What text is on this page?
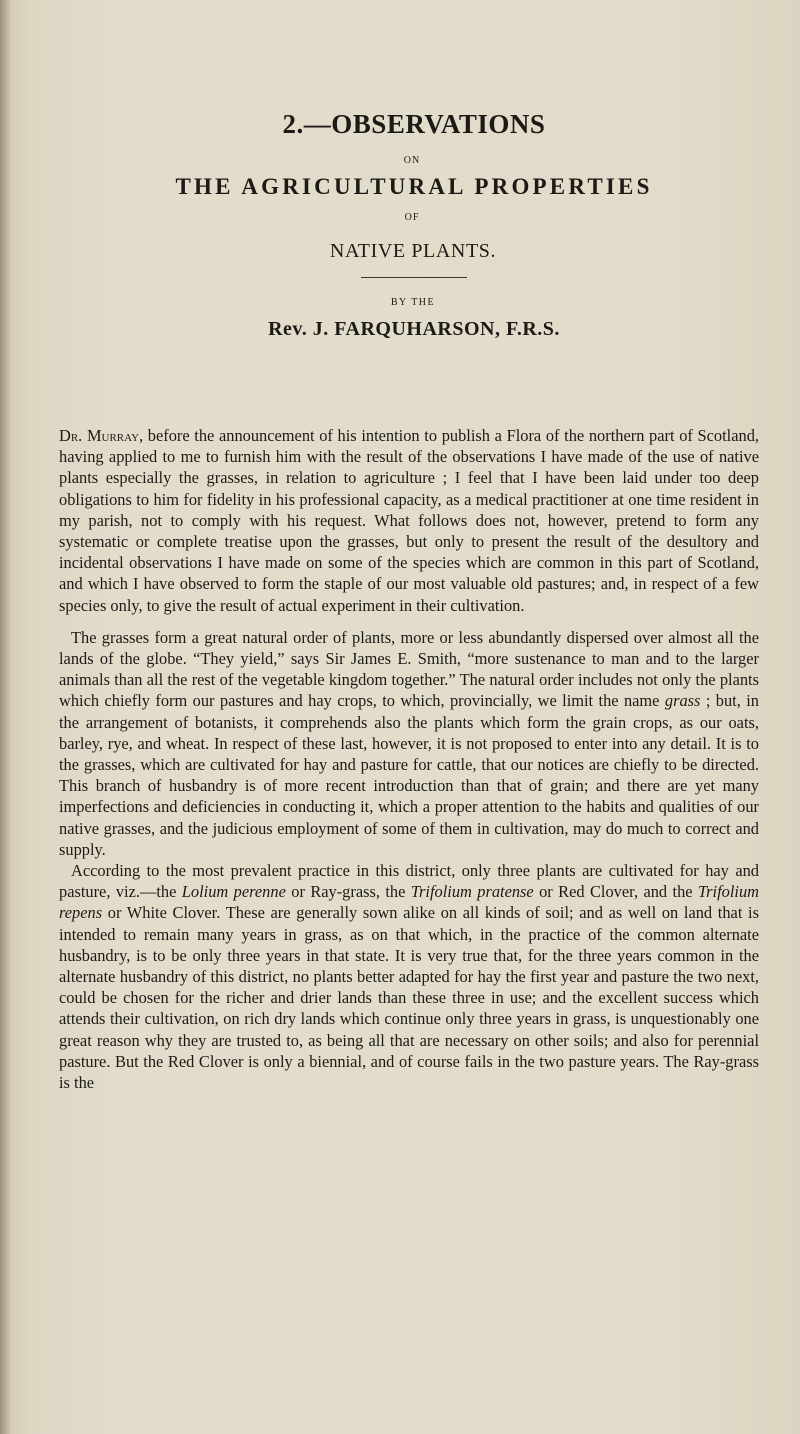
2.—OBSERVATIONS
ON
THE AGRICULTURAL PROPERTIES
OF
NATIVE PLANTS.
BY THE
Rev. J. FARQUHARSON, F.R.S.

Dr. Murray, before the announcement of his intention to publish a Flora of the northern part of Scotland, having applied to me to furnish him with the result of the observations I have made of the use of native plants especially the grasses, in relation to agriculture ; I feel that I have been laid under too deep obligations to him for fidelity in his professional capacity, as a medical practitioner at one time resident in my parish, not to comply with his request. What follows does not, however, pretend to form any systematic or complete treatise upon the grasses, but only to present the result of the desultory and incidental observations I have made on some of the species which are common in this part of Scotland, and which I have observed to form the staple of our most valuable old pastures; and, in respect of a few species only, to give the result of actual experiment in their cultivation.

The grasses form a great natural order of plants, more or less abundantly dispersed over almost all the lands of the globe. “They yield,” says Sir James E. Smith, “more sustenance to man and to the larger animals than all the rest of the vegetable kingdom together.” The natural order includes not only the plants which chiefly form our pastures and hay crops, to which, provincially, we limit the name grass ; but, in the arrangement of botanists, it comprehends also the plants which form the grain crops, as our oats, barley, rye, and wheat. In respect of these last, however, it is not proposed to enter into any detail. It is to the grasses, which are cultivated for hay and pasture for cattle, that our notices are chiefly to be directed. This branch of husbandry is of more recent introduction than that of grain; and there are yet many imperfections and deficiencies in conducting it, which a proper attention to the habits and qualities of our native grasses, and the judicious employment of some of them in cultivation, may do much to correct and supply.

According to the most prevalent practice in this district, only three plants are cultivated for hay and pasture, viz.—the Lolium perenne or Ray-grass, the Trifolium pratense or Red Clover, and the Trifolium repens or White Clover. These are generally sown alike on all kinds of soil; and as well on land that is intended to remain many years in grass, as on that which, in the practice of the common alternate husbandry, is to be only three years in that state. It is very true that, for the three years common in the alternate husbandry of this district, no plants better adapted for hay the first year and pasture the two next, could be chosen for the richer and drier lands than these three in use; and the excellent success which attends their cultivation, on rich dry lands which continue only three years in grass, is unquestionably one great reason why they are trusted to, as being all that are necessary on other soils; and also for perennial pasture. But the Red Clover is only a biennial, and of course fails in the two pasture years. The Ray-grass is the
